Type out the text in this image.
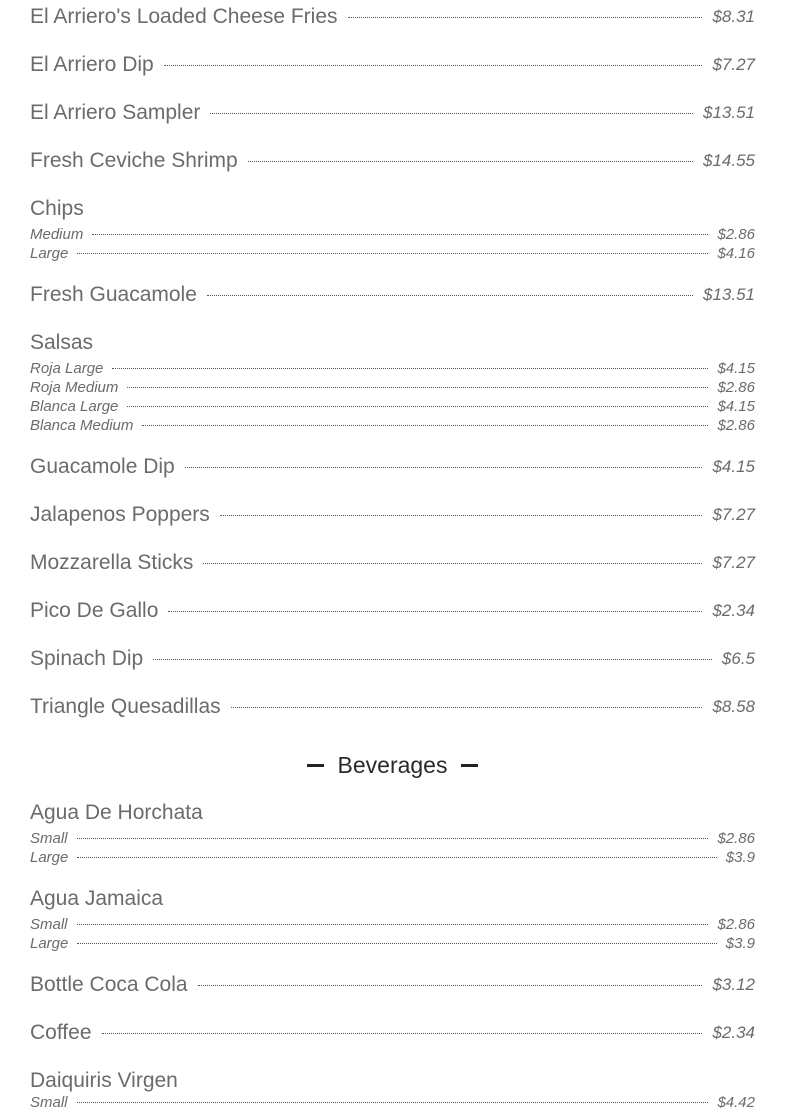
El Arriero's Loaded Cheese Fries	$8.31
El Arriero Dip	$7.27
El Arriero Sampler	$13.51
Fresh Ceviche Shrimp	$14.55
Chips
Medium	$2.86
Large	$4.16
Fresh Guacamole	$13.51
Salsas
Roja Large	$4.15
Roja Medium	$2.86
Blanca Large	$4.15
Blanca Medium	$2.86
Guacamole Dip	$4.15
Jalapenos Poppers	$7.27
Mozzarella Sticks	$7.27
Pico De Gallo	$2.34
Spinach Dip	$6.5
Triangle Quesadillas	$8.58
Beverages
Agua De Horchata
Small	$2.86
Large	$3.9
Agua Jamaica
Small	$2.86
Large	$3.9
Bottle Coca Cola	$3.12
Coffee	$2.34
Daiquiris Virgen
Small	$4.42
